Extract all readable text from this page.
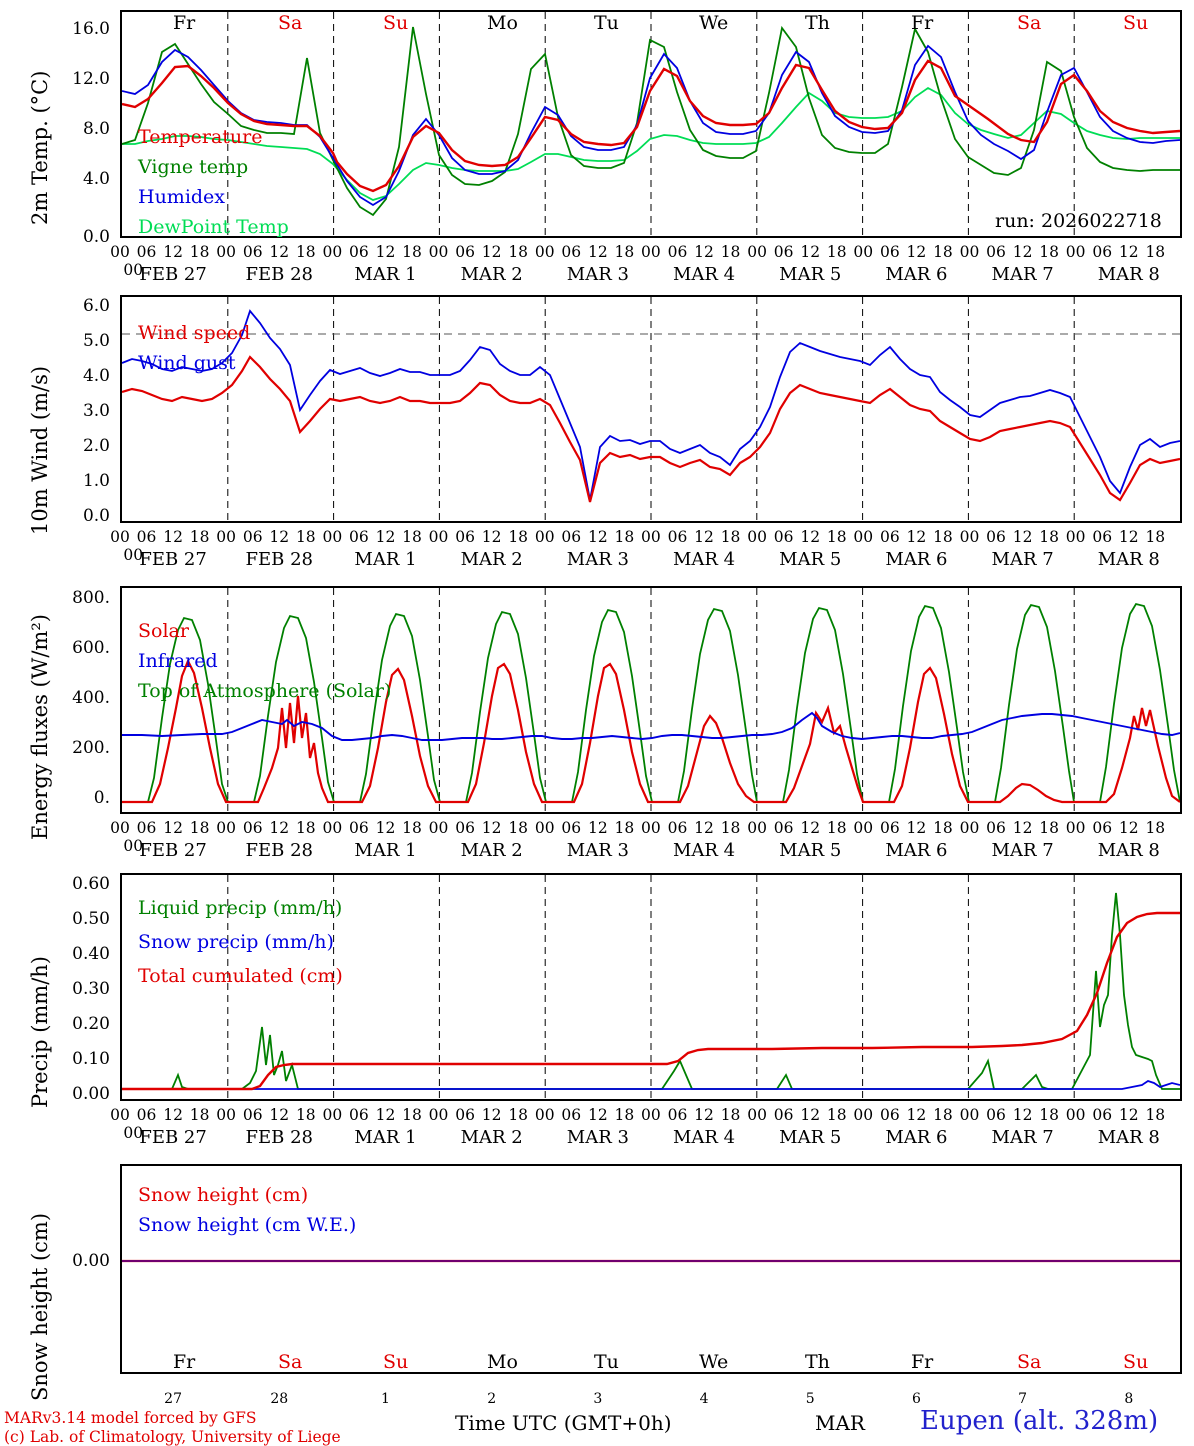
2m Temp. (°C)
16.0
12.0
8.0
4.0
0.0
Fr	Sa	Su	Mo	Tu	We	Th	Fr	Sa	Su
Temperature
Vigne temp
Humidex
DewPoint Temp	run: 2026022718
00 06 12 18 00 06 12 18 00 06 12 18 00 06 12 18 00 06 12 18 00 06 12 18 00 06 12 18 00 06 12 18 00 06 12 18 00 06 12 1800
FEB 27 FEB 28 MAR 1 MAR 2 MAR 3 MAR 4 MAR 5 MAR 6 MAR 7 MAR 8
10m Wind (m/s)
6.0
5.0
4.0
3.0
2.0
1.0
0.0
Wind speed
Wind gust
00 06 12 18 00 06 12 18 00 06 12 18 00 06 12 18 00 06 12 18 00 06 12 18 00 06 12 18 00 06 12 18 00 06 12 18 00 06 12 1800
FEB 27 FEB 28 MAR 1 MAR 2 MAR 3 MAR 4 MAR 5 MAR 6 MAR 7 MAR 8
Energy fluxes (W/m²)
800.
600.
400.
200.
0.
Solar
Infrared
Top of Atmosphere (Solar)
00 06 12 18 00 06 12 18 00 06 12 18 00 06 12 18 00 06 12 18 00 06 12 18 00 06 12 18 00 06 12 18 00 06 12 18 00 06 12 1800
FEB 27 FEB 28 MAR 1 MAR 2 MAR 3 MAR 4 MAR 5 MAR 6 MAR 7 MAR 8
Precip (mm/h)
0.60
0.50
0.40
0.30
0.20
0.10
0.00
Liquid precip (mm/h)
Snow precip (mm/h)
Total cumulated (cm)
00 06 12 18 00 06 12 18 00 06 12 18 00 06 12 18 00 06 12 18 00 06 12 18 00 06 12 18 00 06 12 18 00 06 12 18 00 06 12 1800
FEB 27 FEB 28 MAR 1 MAR 2 MAR 3 MAR 4 MAR 5 MAR 6 MAR 7 MAR 8
Snow height (cm)	0.00
Snow height (cm)
Snow height (cm W.E.)
Fr	Sa	Su	Mo	Tu	We	Th	Fr	Sa	Su
27	28	1	2	3	4	5	6	7	8
Time UTC (GMT+0h)	MAR
MARv3.14 model forced by GFS
(c) Lab. of Climatology, University of Liege
Eupen (alt. 328m)
